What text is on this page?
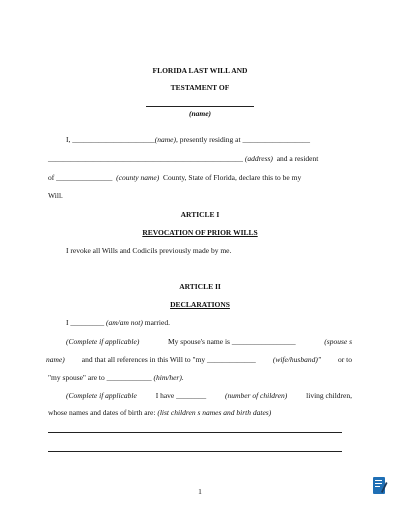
FLORIDA LAST WILL AND
TESTAMENT OF
(name)
I, ______________________(name), presently residing at __________________
____________________________________________________ (address) and a resident
of _______________ (county name) County, State of Florida, declare this to be my
Will.
ARTICLE I
REVOCATION OF PRIOR WILLS
I revoke all Wills and Codicils previously made by me.
ARTICLE II
DECLARATIONS
I _________ (am/am not) married.
(Complete if applicable)	My spouse's name is _________________	(spouse s
name) and that all references in this Will to "my _____________ (wife/husband)" or to
"my spouse" are to ____________ (him/her).
(Complete if applicable	I have ________	(number of children)	living children,
whose names and dates of birth are: (list children s names and birth dates)
1
